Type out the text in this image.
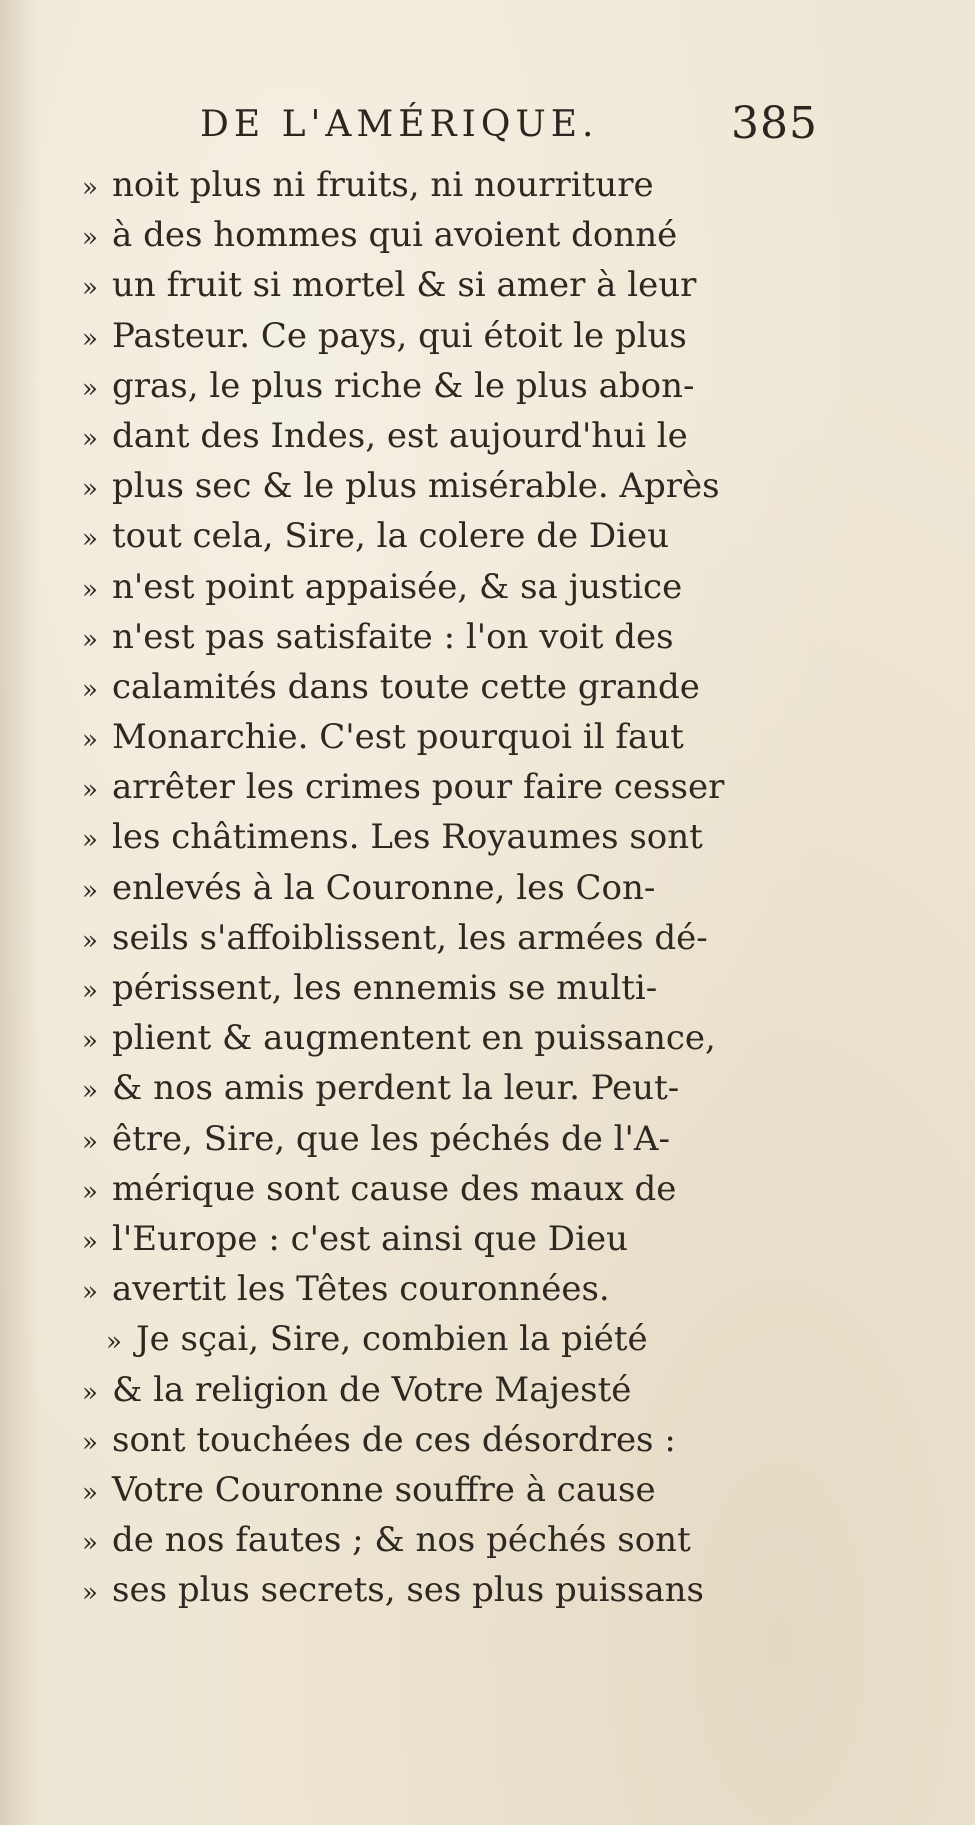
DE L'AMÉRIQUE.	385
» noit plus ni fruits, ni nourriture
» à des hommes qui avoient donné
» un fruit si mortel & si amer à leur
» Pasteur. Ce pays, qui étoit le plus
» gras, le plus riche & le plus abon-
» dant des Indes, est aujourd'hui le
» plus sec & le plus misérable. Après
» tout cela, Sire, la colere de Dieu
» n'est point appaisée, & sa justice
» n'est pas satisfaite : l'on voit des
» calamités dans toute cette grande
» Monarchie. C'est pourquoi il faut
» arrêter les crimes pour faire cesser
» les châtimens. Les Royaumes sont
» enlevés à la Couronne, les Con-
» seils s'affoiblissent, les armées dé-
» périssent, les ennemis se multi-
» plient & augmentent en puissance,
» & nos amis perdent la leur. Peut-
» être, Sire, que les péchés de l'A-
» mérique sont cause des maux de
» l'Europe : c'est ainsi que Dieu
» avertit les Têtes couronnées.
» Je sçai, Sire, combien la piété
» & la religion de Votre Majesté
» sont touchées de ces désordres :
» Votre Couronne souffre à cause
» de nos fautes ; & nos péchés sont
» ses plus secrets, ses plus puissans
